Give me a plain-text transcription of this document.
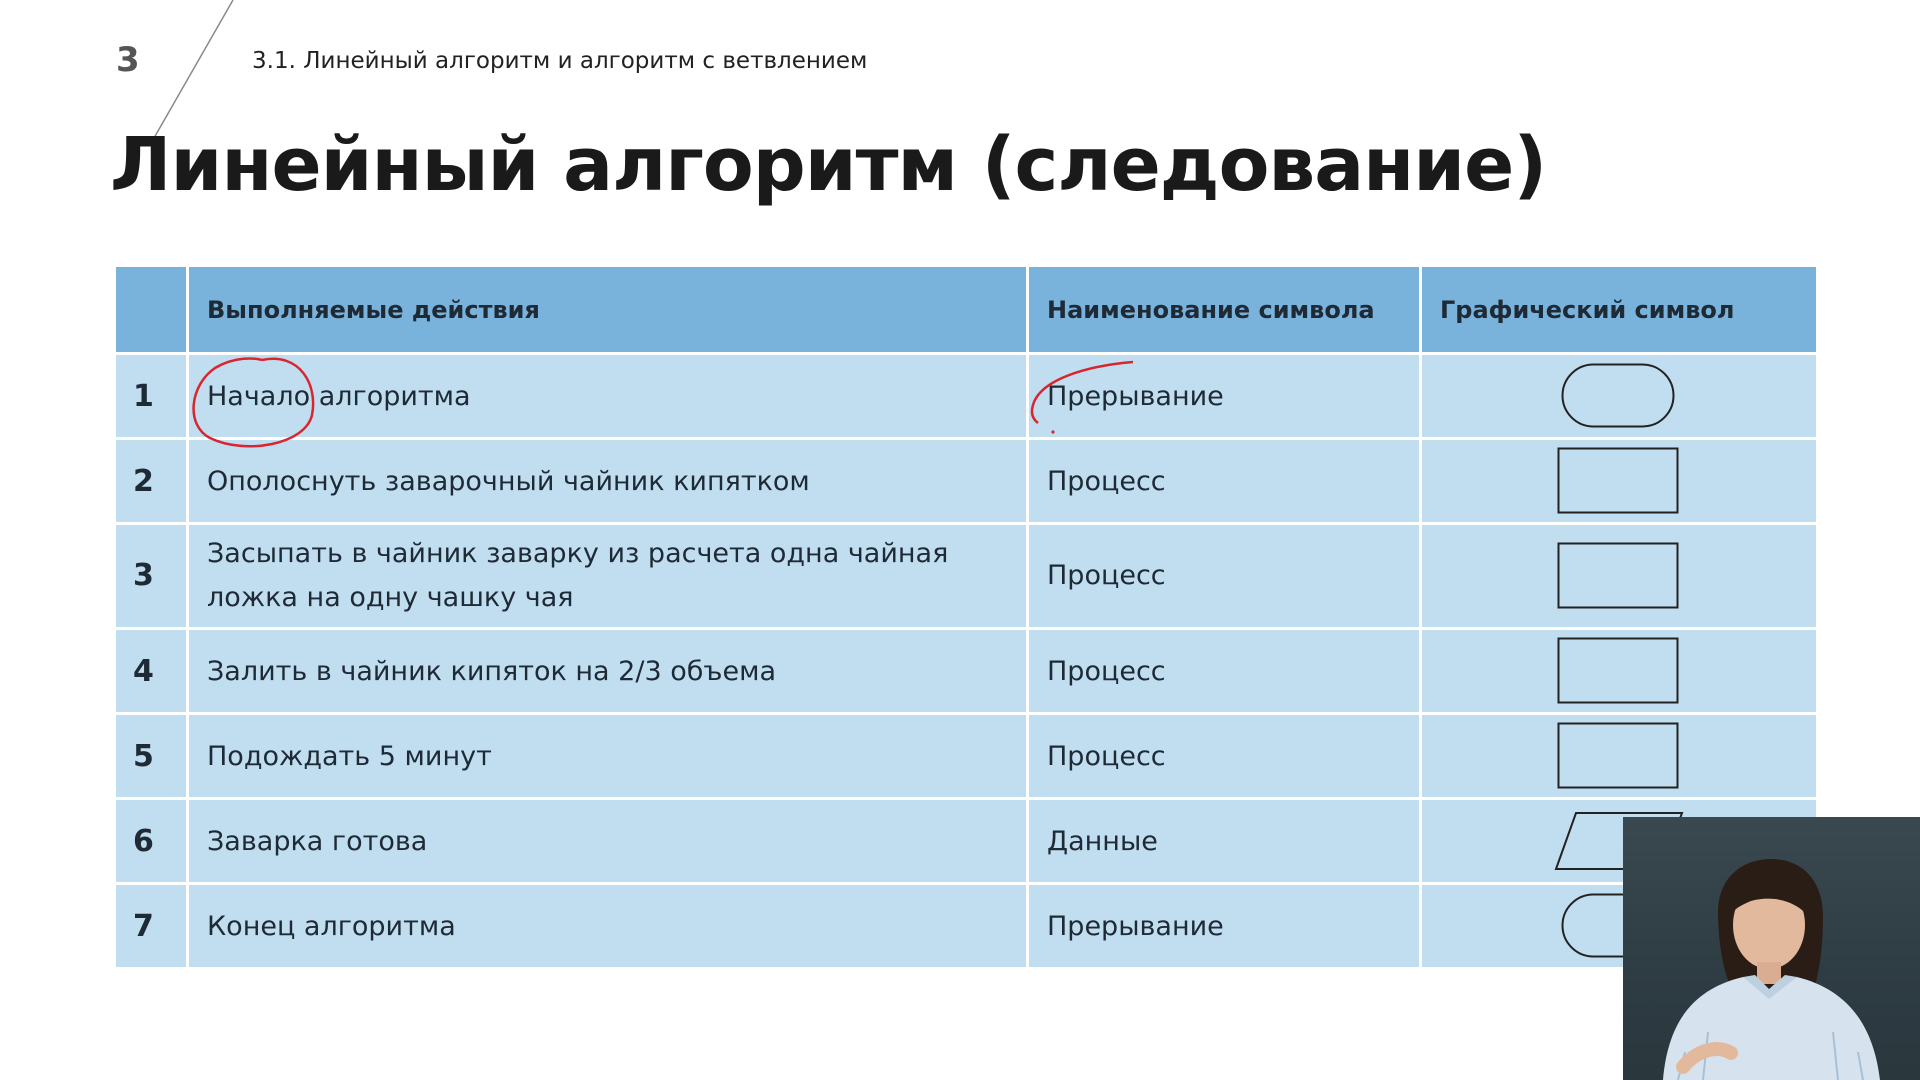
3	3.1. Линейный алгоритм и алгоритм с ветвлением
Линейный алгоритм (следование)
	Выполняемые действия	Наименование символа	Графический символ
1	Начало алгоритма	Прерывание	

2	Ополоснуть заварочный чайник кипятком	Процесс	

3	Засыпать в чайник заварку из расчета одна чайная ложка на одну чашку чая	Процесс	

4	Залить в чайник кипяток на 2/3 объема	Процесс	

5	Подождать 5 минут	Процесс	

6	Заварка готова	Данные	

7	Конец алгоритма	Прерывание	
